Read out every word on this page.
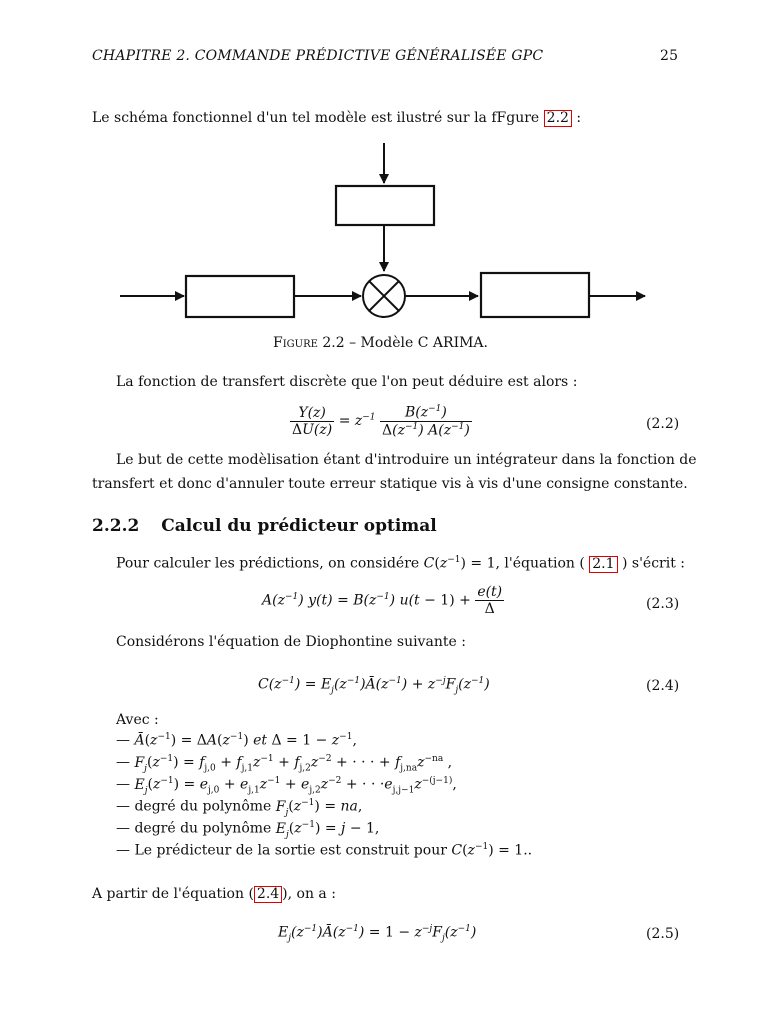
CHAPITRE 2. COMMANDE PRÉDICTIVE GÉNÉRALISÉE GPC	25
Le schéma fonctionnel d'un tel modèle est ilustré sur la fFgure 2.2 :
Figure 2.2 – Modèle C ARIMA.
La fonction de transfert discrète que l'on peut déduire est alors :
$\frac{Y(z)}{\Delta U(z)} = z^{-1} \frac{B(z^{-1})}{\Delta(z^{-1}) A(z^{-1})}$	(2.2)
Le but de cette modèlisation étant d'introduire un intégrateur dans la fonction de
transfert et donc d'annuler toute erreur statique vis à vis d'une consigne constante.
2.2.2 Calcul du prédicteur optimal
Pour calculer les prédictions, on considére $C(z^{-1}) = 1$, l'équation ( 2.1 ) s'écrit :
$A(z^{-1}) y(t) = B(z^{-1}) u(t - 1) + \frac{e(t)}{\Delta}$	(2.3)
Considérons l'équation de Diophontine suivante :
$C(z^{-1})$ = $E_j(z^{-1})Ā(z^{-1}) + z^{-j}F_j(z^{-1})$	(2.4)
Avec :
— $Ā(z^{-1}) = \Delta A(z^{-1})$ et $\Delta = 1 - z^{-1}$,
— $F_j(z^{-1}) = f_{j,0} + f_{j,1}z^{-1} + f_{j,2}z^{-2}$ + · · · + $f_{j,na}z^{-na}$ ,
— $E_j(z^{-1}) = e_{j,0} + e_{j,1}z^{-1} + e_{j,2}z^{-2}$ + · · $\cdot e_{j,j-1}z^{-(j-1)}$,
— degré du polynôme $F_j(z^{-1})$ = na,
— degré du polynôme $E_j(z^{-1}) = j - 1$,
— Le prédicteur de la sortie est construit pour $C(z^{-1}) = 1$..
A partir de l'équation ( 2.4 ), on a :
$E_j(z^{-1})Ā(z^{-1}) = 1 - z^{-j}F_j(z^{-1})$	(2.5)
